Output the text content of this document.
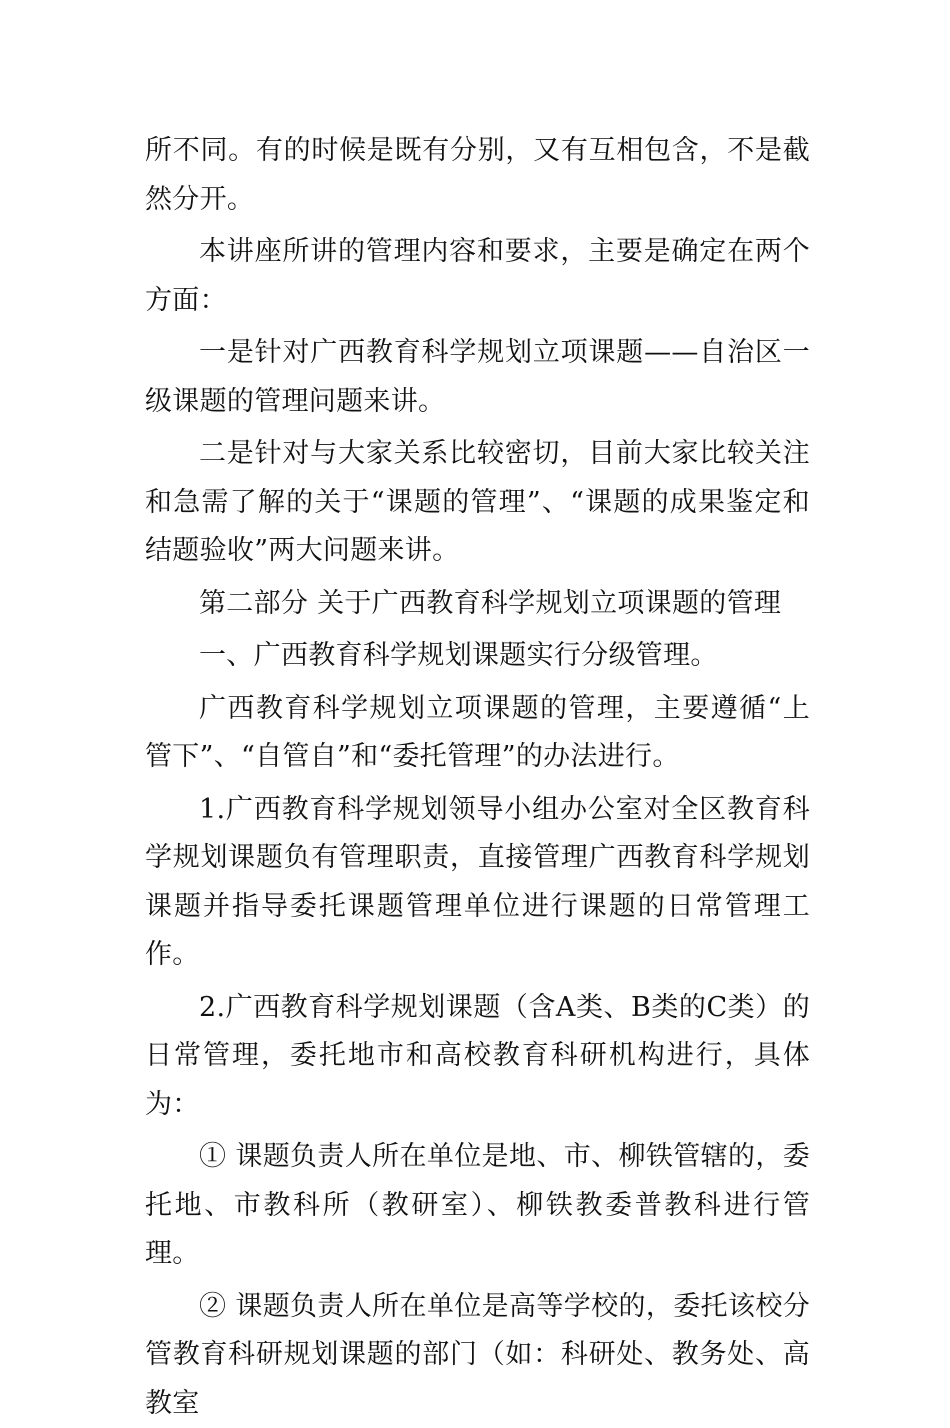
所不同。有的时候是既有分别，又有互相包含，不是截然分开。

本讲座所讲的管理内容和要求，主要是确定在两个方面：

一是针对广西教育科学规划立项课题——自治区一级课题的管理问题来讲。

二是针对与大家关系比较密切，目前大家比较关注和急需了解的关于“课题的管理”、“课题的成果鉴定和结题验收”两大问题来讲。

第二部分 关于广西教育科学规划立项课题的管理

一、广西教育科学规划课题实行分级管理。

广西教育科学规划立项课题的管理，主要遵循“上管下”、“自管自”和“委托管理”的办法进行。

1.广西教育科学规划领导小组办公室对全区教育科学规划课题负有管理职责，直接管理广西教育科学规划课题并指导委托课题管理单位进行课题的日常管理工作。

2.广西教育科学规划课题（含A类、B类的C类）的日常管理，委托地市和高校教育科研机构进行，具体为：

① 课题负责人所在单位是地、市、柳铁管辖的，委托地、市教科所（教研室）、柳铁教委普教科进行管理。

② 课题负责人所在单位是高等学校的，委托该校分管教育科研规划课题的部门（如：科研处、教务处、高教室
